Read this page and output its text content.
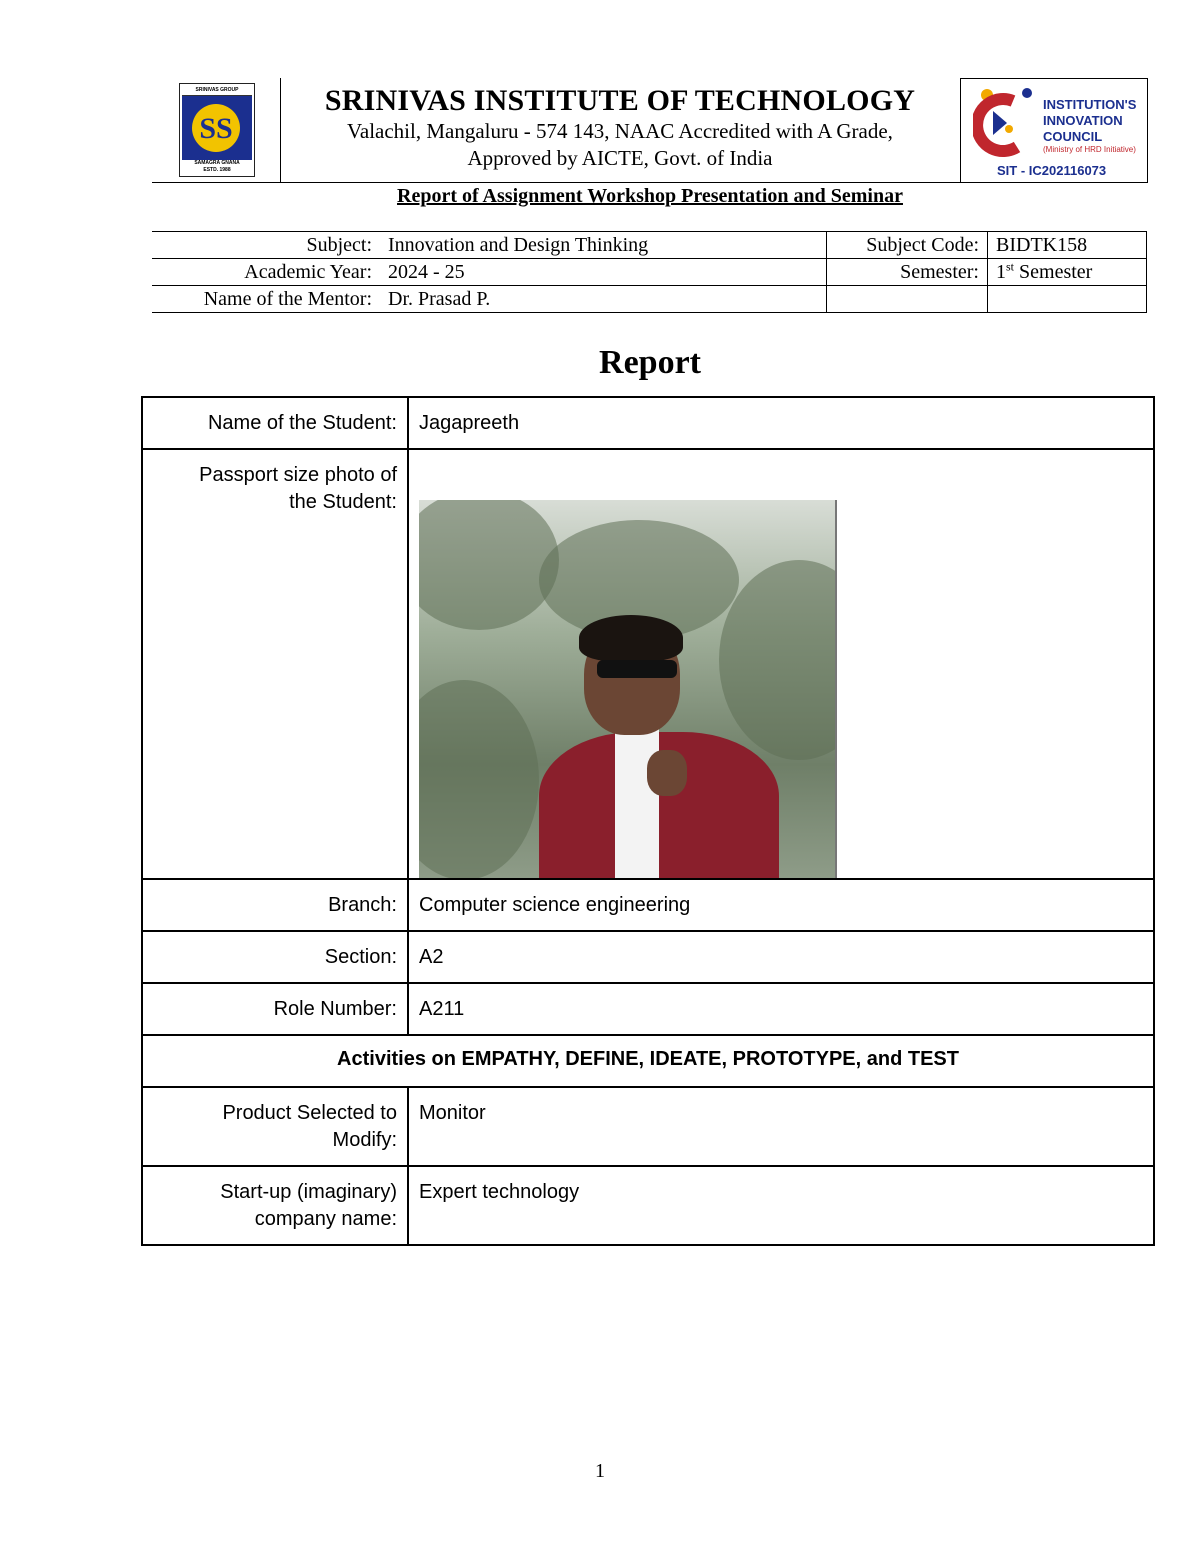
SRINIVAS GROUP
SS
SAMAGRA GNANA
ESTD. 1988
SRINIVAS INSTITUTE OF TECHNOLOGY
Valachil, Mangaluru - 574 143, NAAC Accredited with A Grade,
Approved by AICTE, Govt. of India
INSTITUTION'S
INNOVATION
COUNCIL
(Ministry of HRD Initiative)
SIT - IC202116073
Report of Assignment Workshop Presentation and Seminar
Subject:	Innovation and Design Thinking	Subject Code:	BIDTK158
Academic Year:	2024 - 25	Semester:	1st Semester
Name of the Mentor:	Dr. Prasad P.		
Report
Name of the Student:	Jagapreeth

Passport size photo of
the Student:	

Branch:	Computer science engineering
Section:	A2
Role Number:	A211
Activities on EMPATHY, DEFINE, IDEATE, PROTOTYPE, and TEST	

Product Selected to
Modify:	Monitor

Start-up (imaginary)
company name:	Expert technology
1
